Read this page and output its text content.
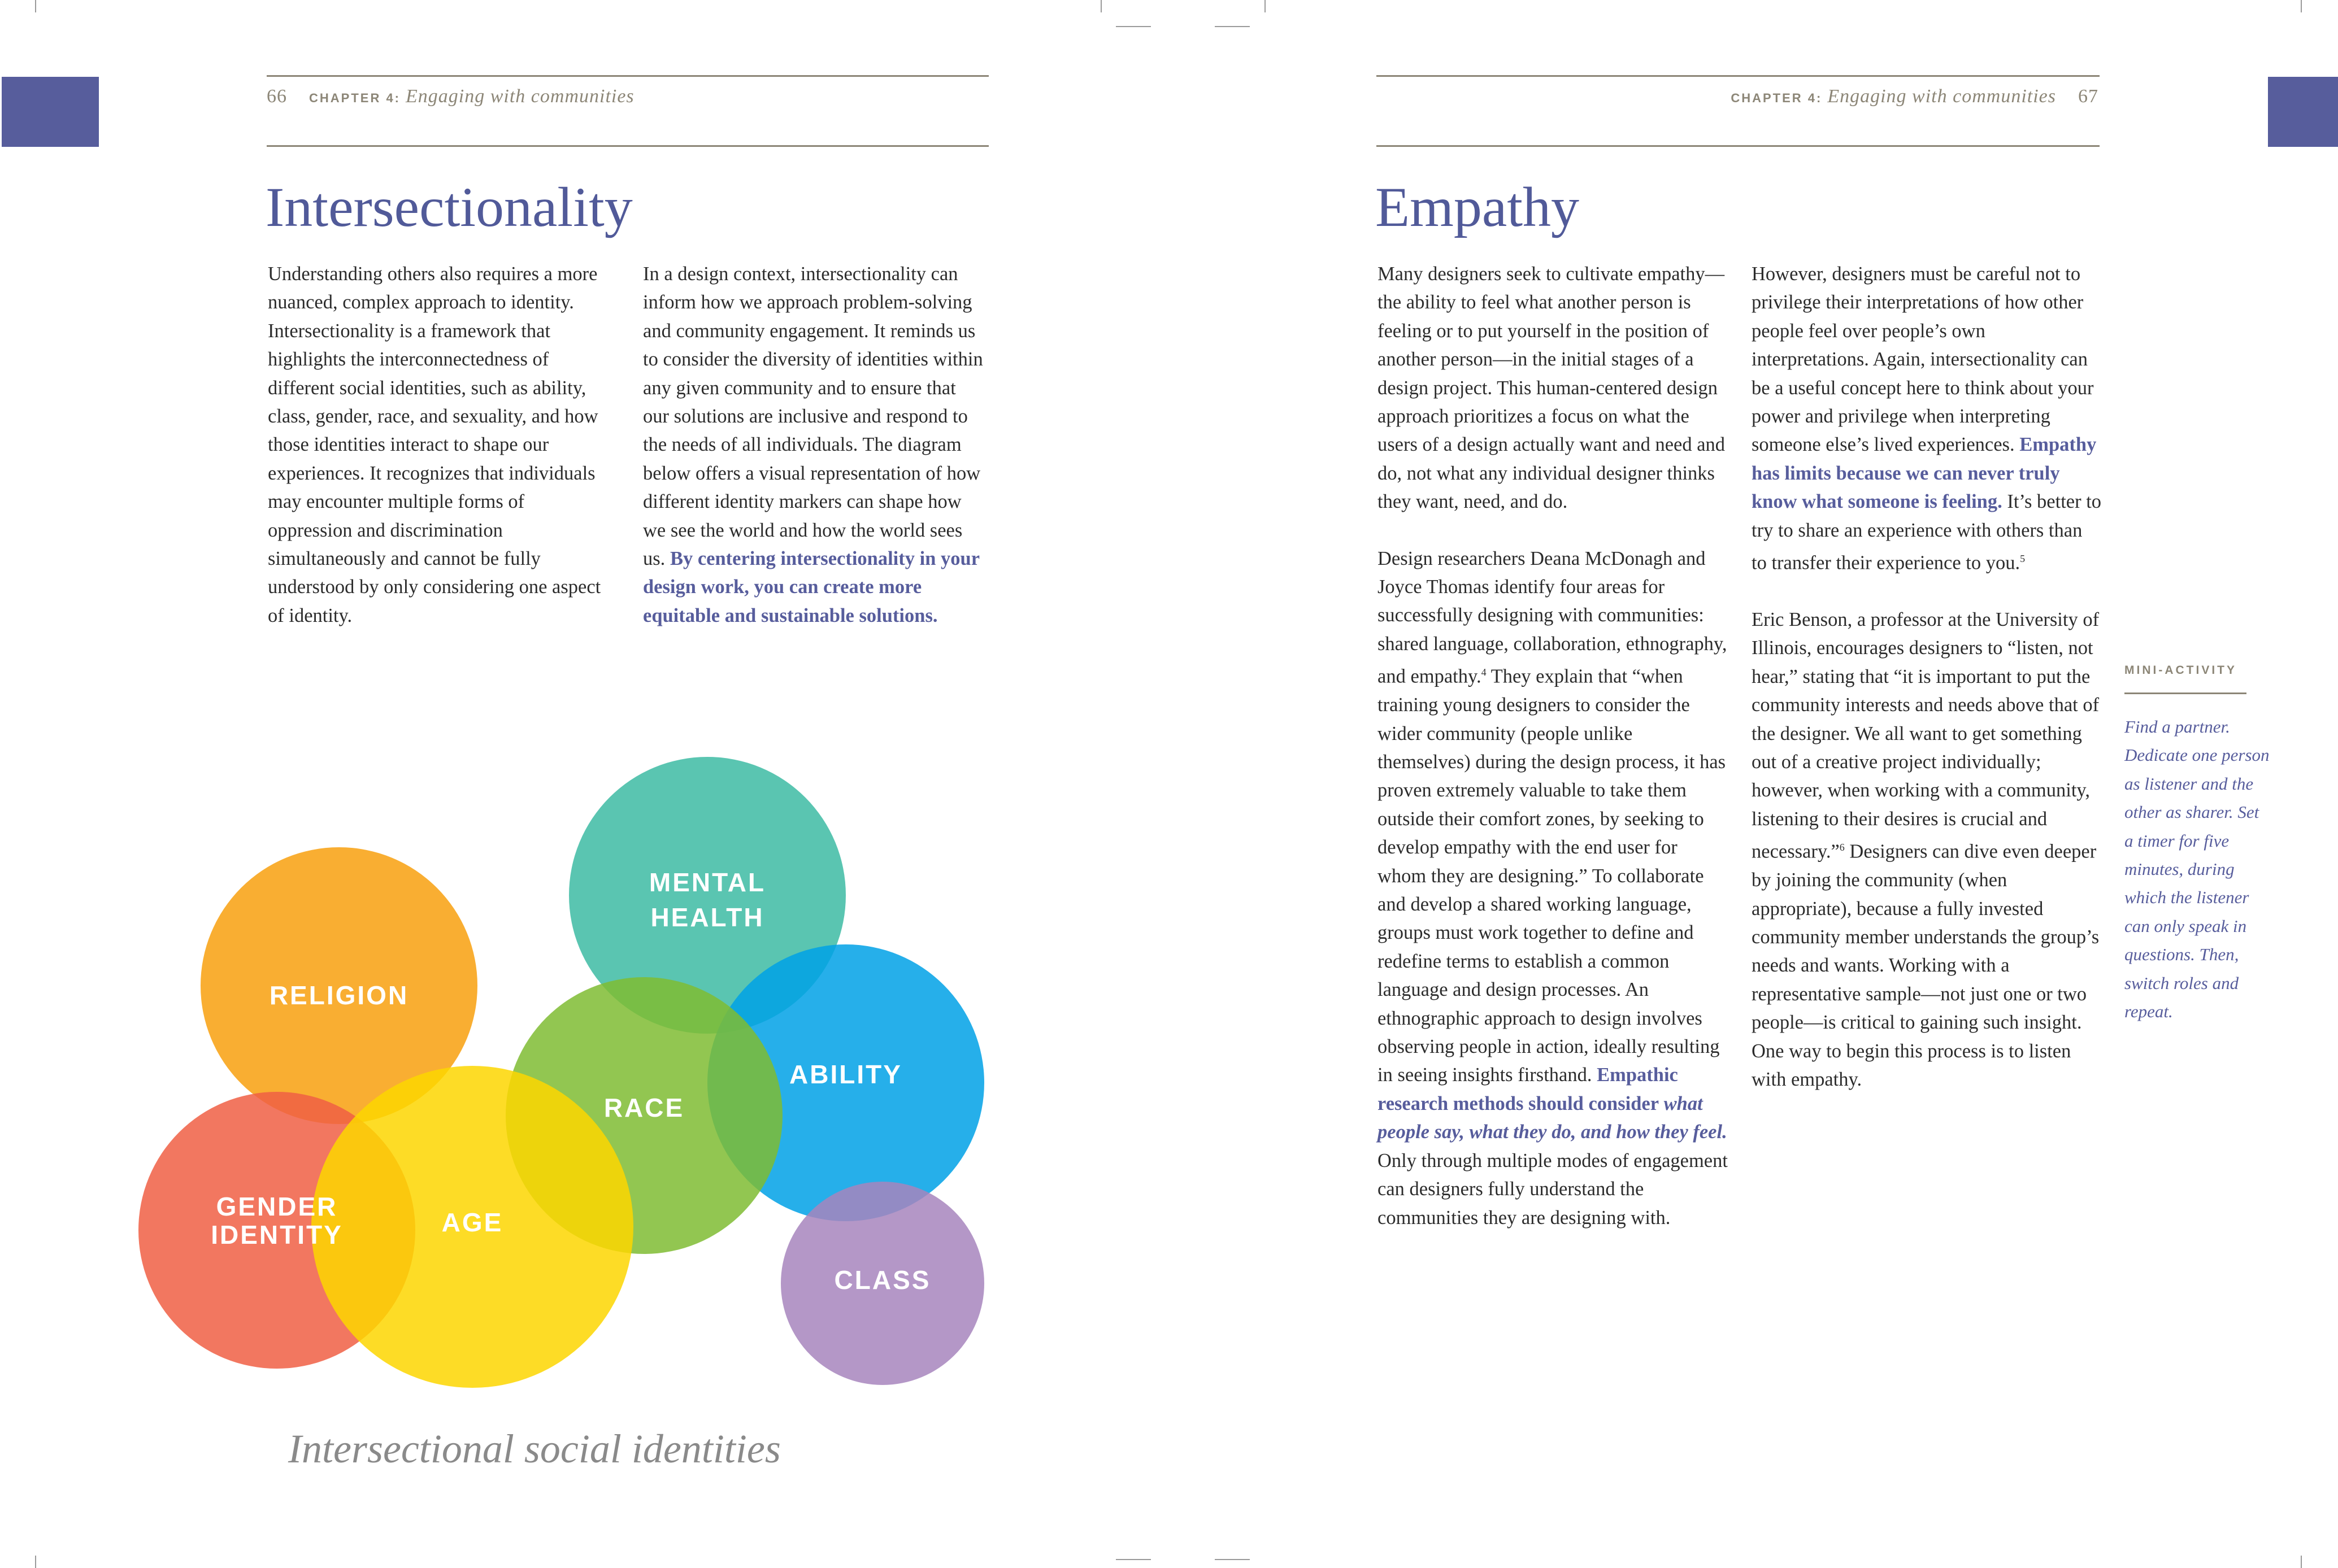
66 CHAPTER 4: Engaging with communities
Intersectionality

Understanding others also requires a more nuanced, complex approach to identity. Intersectionality is a framework that highlights the interconnectedness of different social identities, such as ability, class, gender, race, and sexuality, and how those identities interact to shape our experiences. It recognizes that individuals may encounter multiple forms of oppression and discrimination simultaneously and cannot be fully understood by only considering one aspect of identity.

In a design context, intersectionality can inform how we approach problem-solving and community engagement. It reminds us to consider the diversity of identities within any given community and to ensure that our solutions are inclusive and respond to the needs of all individuals. The diagram below offers a visual representation of how different identity markers can shape how we see the world and how the world sees us. By centering intersectionality in your design work, you can create more equitable and sustainable solutions.

MENTAL
HEALTH
RELIGION
ABILITY
RACE
GENDER
IDENTITY	AGE
CLASS
Intersectional social identities
CHAPTER 4: Engaging with communities 67
Empathy

Many designers seek to cultivate empathy—the ability to feel what another person is feeling or to put yourself in the position of another person—in the initial stages of a design project. This human-centered design approach prioritizes a focus on what the users of a design actually want and need and do, not what any individual designer thinks they want, need, and do.

Design researchers Deana McDonagh and Joyce Thomas identify four areas for successfully designing with communities: shared language, collaboration, ethnography, and empathy.$^4$ They explain that “when training young designers to consider the wider community (people unlike themselves) during the design process, it has proven extremely valuable to take them outside their comfort zones, by seeking to develop empathy with the end user for whom they are designing.” To collaborate and develop a shared working language, groups must work together to define and redefine terms to establish a common language and design processes. An ethnographic approach to design involves observing people in action, ideally resulting in seeing insights firsthand. Empathic research methods should consider what people say, what they do, and how they feel. Only through multiple modes of engagement can designers fully understand the communities they are designing with.

However, designers must be careful not to privilege their interpretations of how other people feel over people’s own interpretations. Again, intersectionality can be a useful concept here to think about your power and privilege when interpreting someone else’s lived experiences. Empathy has limits because we can never truly know what someone is feeling. It’s better to try to share an experience with others than to transfer their experience to you.$^5$

Eric Benson, a professor at the University of Illinois, encourages designers to “listen, not hear,” stating that “it is important to put the community interests and needs above that of the designer. We all want to get something out of a creative project individually; however, when working with a community, listening to their desires is crucial and necessary.”$^6$ Designers can dive even deeper by joining the community (when appropriate), because a fully invested community member understands the group’s needs and wants. Working with a representative sample—not just one or two people—is critical to gaining such insight. One way to begin this process is to listen with empathy.

MINI-ACTIVITY
Find a partner. Dedicate one person as listener and the other as sharer. Set a timer for five minutes, during which the listener can only speak in questions. Then, switch roles and repeat.
